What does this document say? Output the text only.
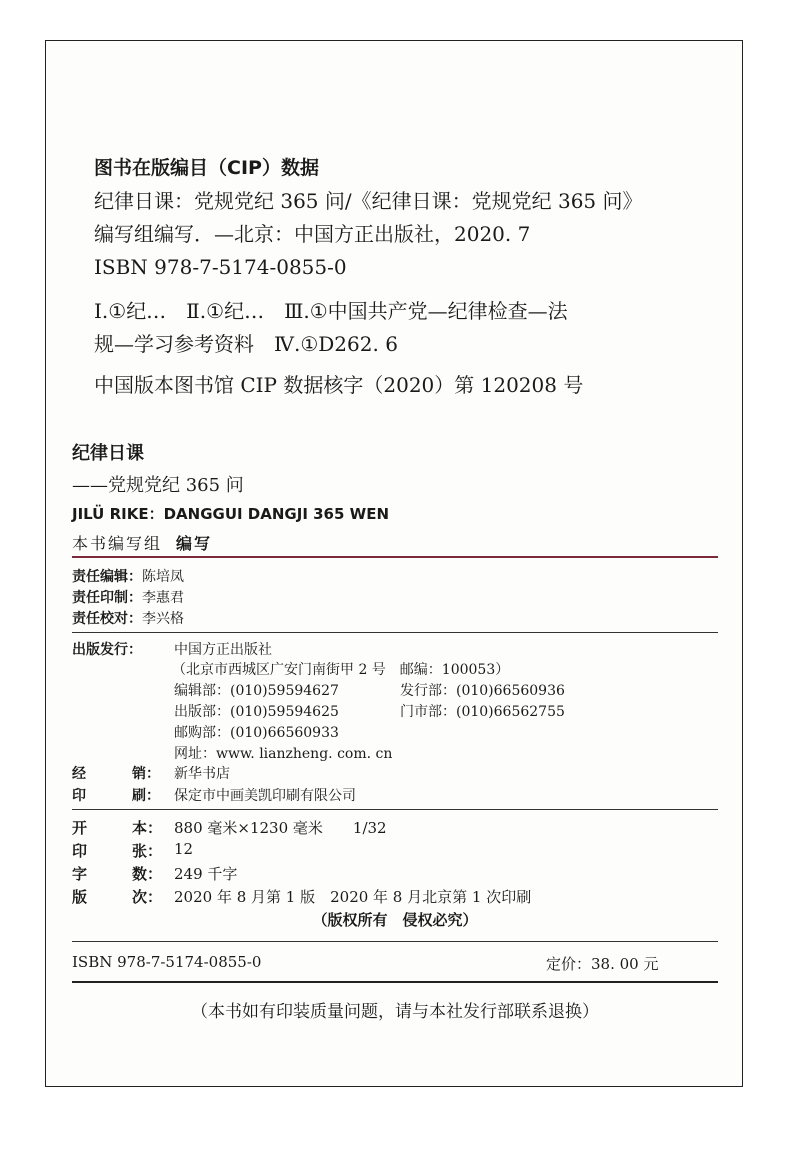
图书在版编目（CIP）数据
纪律日课：党规党纪 365 问/《纪律日课：党规党纪 365 问》
编写组编写．—北京：中国方正出版社，2020. 7
ISBN 978-7-5174-0855-0
Ⅰ.①纪…　Ⅱ.①纪…　Ⅲ.①中国共产党—纪律检查—法
规—学习参考资料　Ⅳ.①D262. 6
中国版本图书馆 CIP 数据核字（2020）第 120208 号
纪律日课
——党规党纪 365 问
JILÜ RIKE：DANGGUI DANGJI 365 WEN
本书编写组 编写
责任编辑：陈培凤
责任印制：李惠君
责任校对：李兴格
出版发行： 中国方正出版社
（北京市西城区广安门南街甲 2 号　邮编：100053）
编辑部：(010)59594627	发行部：(010)66560936
出版部：(010)59594625	门市部：(010)66562755
邮购部：(010)66560933
网址：www. lianzheng. com. cn
经	销： 新华书店
印	刷： 保定市中画美凯印刷有限公司
开	本： 880 毫米×1230 毫米　　1/32
印	张： 12
字	数： 249 千字
版	次： 2020 年 8 月第 1 版　2020 年 8 月北京第 1 次印刷
（版权所有　侵权必究）
ISBN 978-7-5174-0855-0	定价：38. 00 元
（本书如有印装质量问题，请与本社发行部联系退换）
